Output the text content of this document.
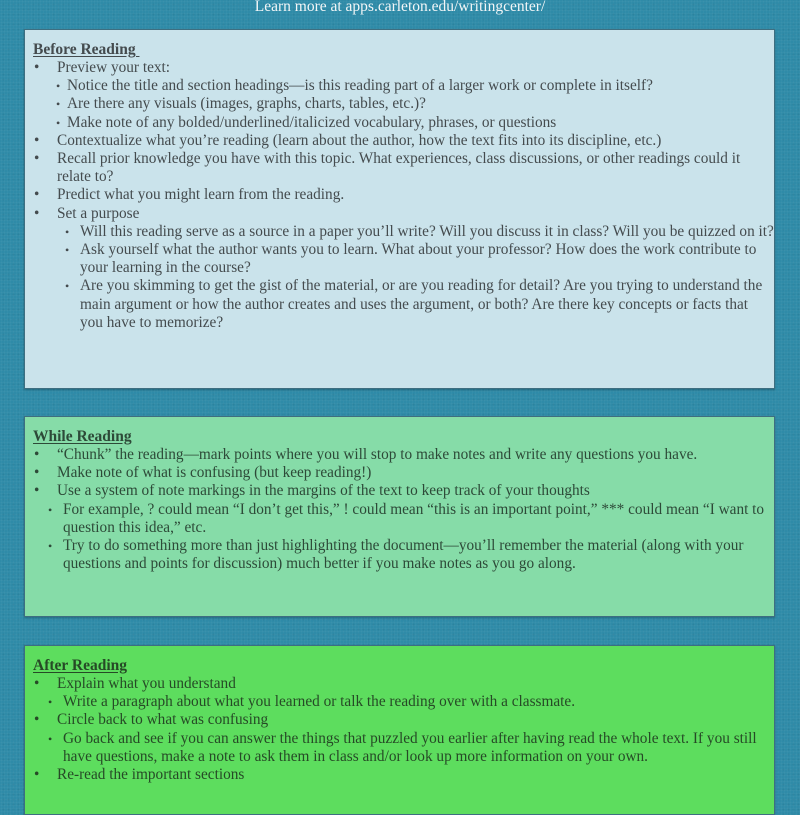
Learn more at apps.carleton.edu/writingcenter/
Before Reading
• Preview your text:
• Notice the title and section headings—is this reading part of a larger work or complete in itself?
• Are there any visuals (images, graphs, charts, tables, etc.)?
• Make note of any bolded/underlined/italicized vocabulary, phrases, or questions
• Contextualize what you’re reading (learn about the author, how the text fits into its discipline, etc.)
• Recall prior knowledge you have with this topic. What experiences, class discussions, or other readings could it relate to?
• Predict what you might learn from the reading.
• Set a purpose
• Will this reading serve as a source in a paper you’ll write? Will you discuss it in class? Will you be quizzed on it?
• Ask yourself what the author wants you to learn. What about your professor? How does the work contribute to your learning in the course?
• Are you skimming to get the gist of the material, or are you reading for detail? Are you trying to understand the main argument or how the author creates and uses the argument, or both? Are there key concepts or facts that you have to memorize?
While Reading
• “Chunk” the reading—mark points where you will stop to make notes and write any questions you have.
• Make note of what is confusing (but keep reading!)
• Use a system of note markings in the margins of the text to keep track of your thoughts
• For example, ? could mean “I don’t get this,” ! could mean “this is an important point,” *** could mean “I want to question this idea,” etc.
• Try to do something more than just highlighting the document—you’ll remember the material (along with your questions and points for discussion) much better if you make notes as you go along.
After Reading
• Explain what you understand
• Write a paragraph about what you learned or talk the reading over with a classmate.
• Circle back to what was confusing
• Go back and see if you can answer the things that puzzled you earlier after having read the whole text. If you still have questions, make a note to ask them in class and/or look up more information on your own.
• Re-read the important sections
